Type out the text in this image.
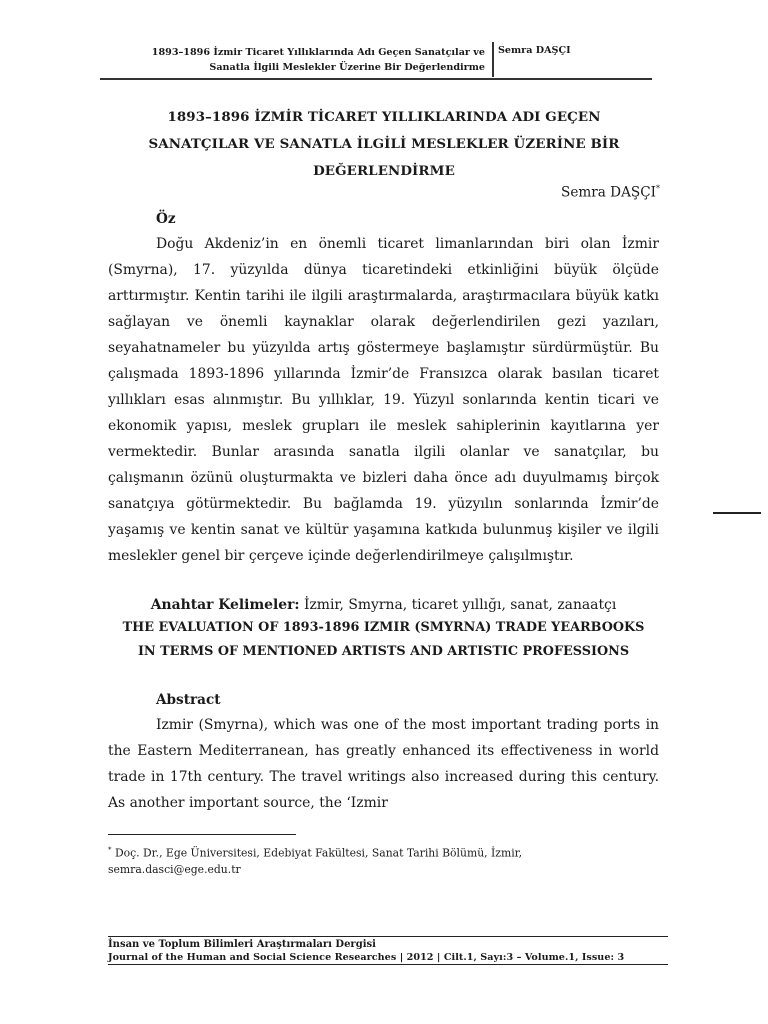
1893–1896 İzmir Ticaret Yıllıklarında Adı Geçen Sanatçılar ve
Sanatla İlgili Meslekler Üzerine Bir Değerlendirme
Semra DAŞÇI
1893–1896 İZMİR TİCARET YILLIKLARINDA ADI GEÇEN
SANATÇILAR VE SANATLA İLGİLİ MESLEKLER ÜZERİNE BİR
DEĞERLENDİRME
Semra DAŞÇI*
Öz
Doğu Akdeniz’in en önemli ticaret limanlarından biri olan İzmir (Smyrna), 17. yüzyılda dünya ticaretindeki etkinliğini büyük ölçüde arttırmıştır. Kentin tarihi ile ilgili araştırmalarda, araştırmacılara büyük katkı sağlayan ve önemli kaynaklar olarak değerlendirilen gezi yazıları, seyahatnameler bu yüzyılda artış göstermeye başlamıştır sürdürmüştür. Bu çalışmada 1893-1896 yıllarında İzmir’de Fransızca olarak basılan ticaret yıllıkları esas alınmıştır. Bu yıllıklar, 19. Yüzyıl sonlarında kentin ticari ve ekonomik yapısı, meslek grupları ile meslek sahiplerinin kayıtlarına yer vermektedir. Bunlar arasında sanatla ilgili olanlar ve sanatçılar, bu çalışmanın özünü oluşturmakta ve bizleri daha önce adı duyulmamış birçok sanatçıya götürmektedir. Bu bağlamda 19. yüzyılın sonlarında İzmir’de yaşamış ve kentin sanat ve kültür yaşamına katkıda bulunmuş kişiler ve ilgili meslekler genel bir çerçeve içinde değerlendirilmeye çalışılmıştır.
Anahtar Kelimeler: İzmir, Smyrna, ticaret yıllığı, sanat, zanaatçı
THE EVALUATION OF 1893-1896 IZMIR (SMYRNA) TRADE YEARBOOKS
IN TERMS OF MENTIONED ARTISTS AND ARTISTIC PROFESSIONS
Abstract
Izmir (Smyrna), which was one of the most important trading ports in the Eastern Mediterranean, has greatly enhanced its effectiveness in world trade in 17th century. The travel writings also increased during this century. As another important source, the ‘Izmir
* Doç. Dr., Ege Üniversitesi, Edebiyat Fakültesi, Sanat Tarihi Bölümü, İzmir,
semra.dasci@ege.edu.tr
İnsan ve Toplum Bilimleri Araştırmaları Dergisi
Journal of the Human and Social Science Researches | 2012 | Cilt.1, Sayı:3 – Volume.1, Issue: 3
